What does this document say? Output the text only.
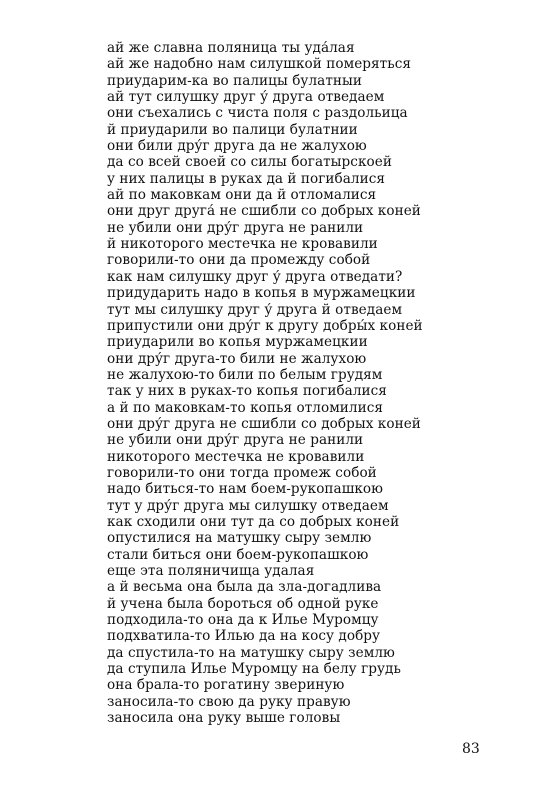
ай же славна поляница ты уда́лая
ай же надобно нам силушкой померяться
приударим-ка во палицы булатныи
ай тут силушку друг у́ друга отведаем
они съехались с чиста поля с раздольица
й приударили во палици булатнии
они били дру́г друга да не жалухою
да со всей своей со силы богатырскоей
у них палицы в руках да й погибалися
ай по маковкам они да й отломалися
они друг друга́ не сшибли со добрых коней
не убили они дру́г друга не ранили
й никоторого местечка не кровавили
говорили-то они да промежду собой
как нам силушку друг у́ друга отведати?
придударить надо в копья в муржамецкии
тут мы силушку друг у́ друга й отведаем
припустили они дру́г к другу добры́х коней
приударили во копья муржамецкии
они дру́г друга-то били не жалухою
не жалухою-то били по белым грудям
так у них в руках-то копья погибалися
а й по маковкам-то копья отломилися
они дру́г друга не сшибли со добрых коней
не убили они дру́г друга не ранили
никоторого местечка не кровавили
говорили-то они тогда промеж собой
надо биться-то нам боем-рукопашкою
тут у дру́г друга мы силушку отведаем
как сходили они тут да со добрых коней
опустилися на матушку сыру землю
стали биться они боем-рукопашкою
еще эта поляничища удалая
а й весьма она была да зла-догадлива
й учена была бороться об одной руке
подходила-то она да к Илье Муромцу
подхватила-то Илью да на косу добру
да спустила-то на матушку сыру землю
да ступила Илье Муромцу на белу грудь
она брала-то рогатину звериную
заносила-то свою да руку правую
заносила она руку выше головы
83
